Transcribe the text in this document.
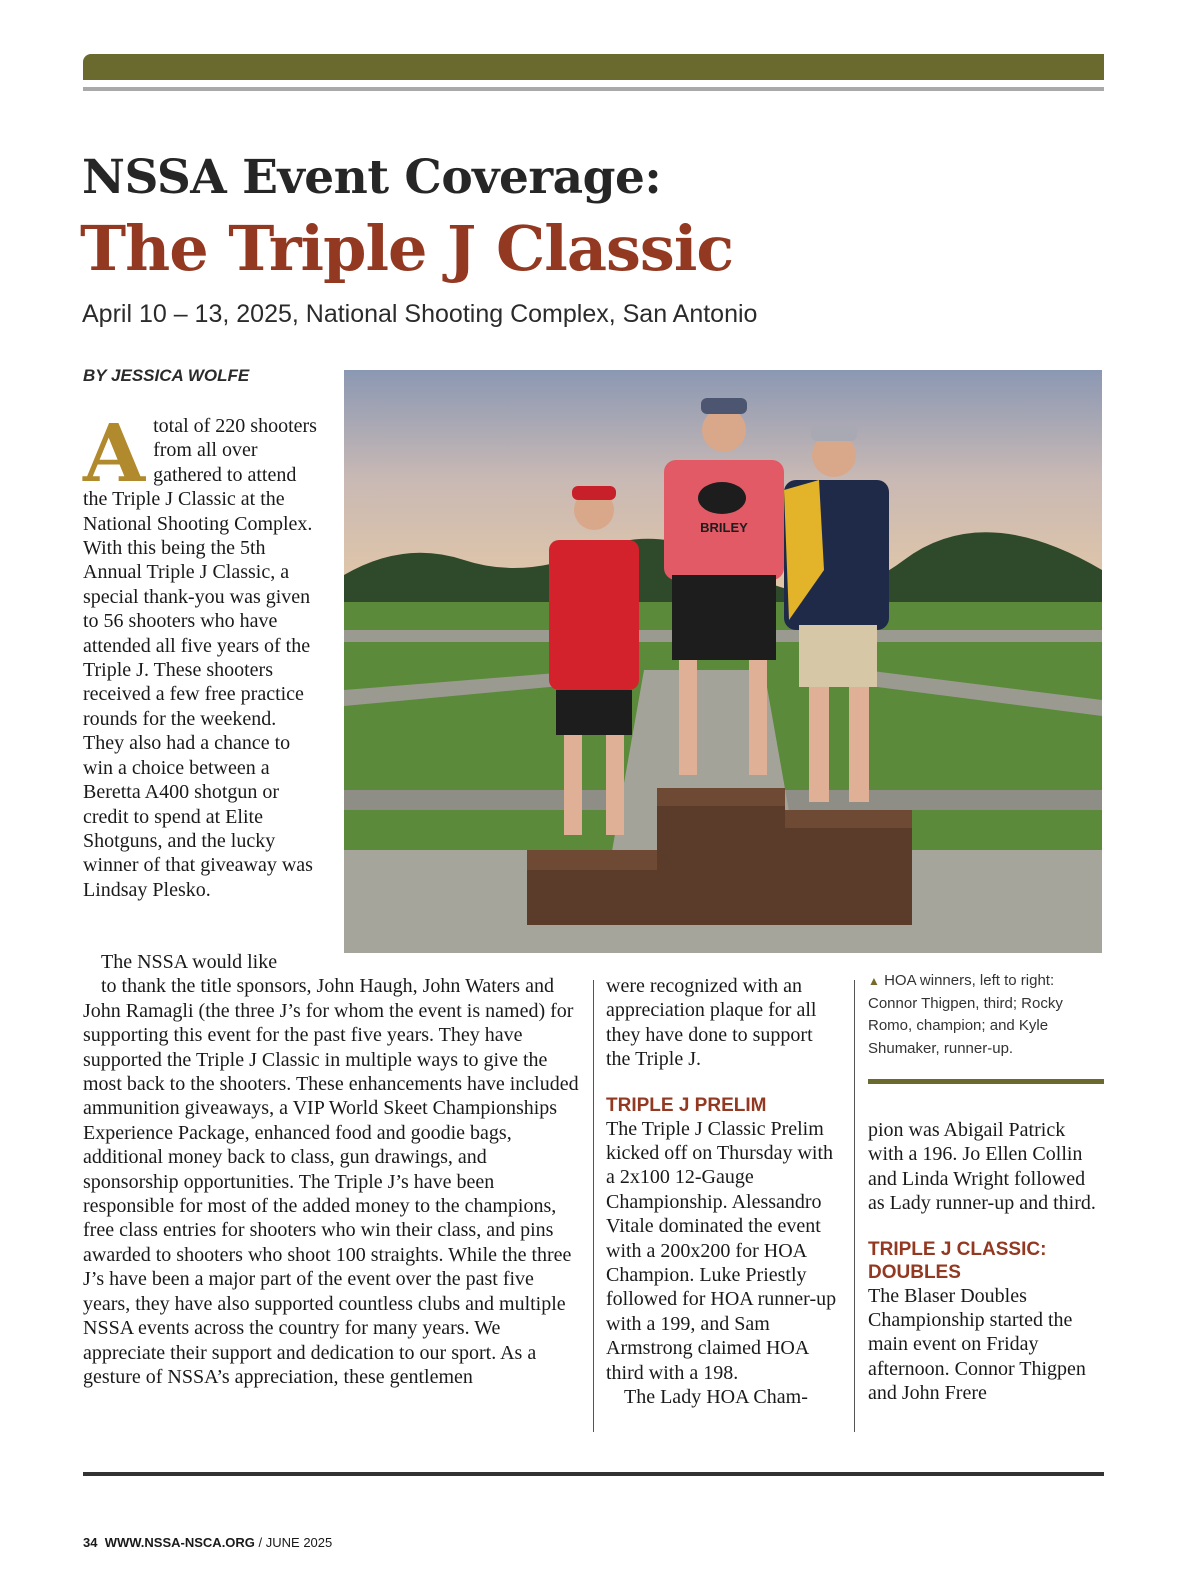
NSSA Event Coverage:
The Triple J Classic
April 10 – 13, 2025, National Shooting Complex, San Antonio
BY JESSICA WOLFE
Atotal of 220 shooters from all over gathered to attend the Triple J Classic at the National Shooting Complex. With this being the 5th Annual Triple J Classic, a special thank-you was given to 56 shooters who have attended all five years of the Triple J. These shooters received a few free practice rounds for the weekend. They also had a chance to win a choice between a Beretta A400 shotgun or credit to spend at Elite Shotguns, and the lucky winner of that giveaway was Lindsay Plesko.
BRILEY
The NSSA would like
to thank the title sponsors, John Haugh, John Waters and John Ramagli (the three J’s for whom the event is named) for supporting this event for the past five years. They have supported the Triple J Classic in multiple ways to give the most back to the shooters. These enhancements have included ammunition giveaways, a VIP World Skeet Championships Experience Package, enhanced food and goodie bags, additional money back to class, gun drawings, and sponsorship opportunities. The Triple J’s have been responsible for most of the added money to the champions, free class entries for shooters who win their class, and pins awarded to shooters who shoot 100 straights. While the three J’s have been a major part of the event over the past five years, they have also supported countless clubs and multiple NSSA events across the country for many years. We appreciate their support and dedication to our sport. As a gesture of NSSA’s appreciation, these gentlemen
were recognized with an appreciation plaque for all they have done to support the Triple J.
TRIPLE J PRELIM
The Triple J Classic Prelim kicked off on Thursday with a 2x100 12-Gauge Championship. Alessandro Vitale dominated the event with a 200x200 for HOA Champion. Luke Priestly followed for HOA runner-up with a 199, and Sam Armstrong claimed HOA third with a 198.
The Lady HOA Cham-
▲ HOA winners, left to right: Connor Thigpen, third; Rocky Romo, champion; and Kyle Shumaker, runner-up.
pion was Abigail Patrick with a 196. Jo Ellen Collin and Linda Wright followed as Lady runner-up and third.
TRIPLE J CLASSIC: DOUBLES
The Blaser Doubles Championship started the main event on Friday afternoon. Connor Thigpen and John Frere
34 WWW.NSSA-NSCA.ORG / JUNE 2025
